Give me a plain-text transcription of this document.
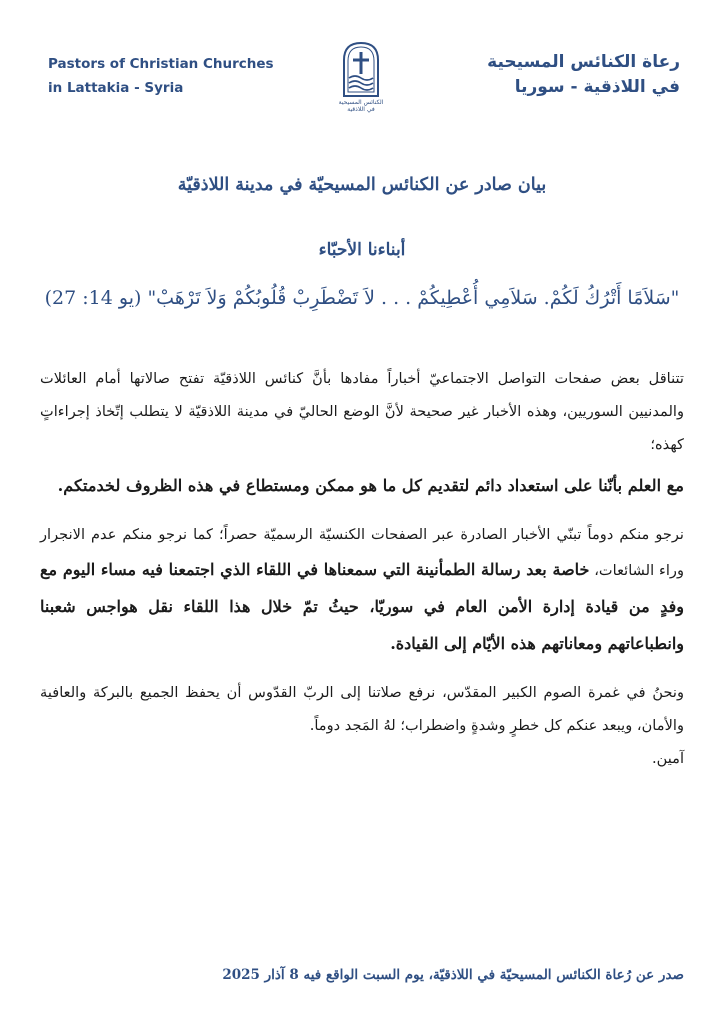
Pastors of Christian Churches
in Lattakia - Syria
الكنائس المسيحية
في اللاذقية
رعاة الكنائس المسيحية
في اللاذقية - سوريا
بيان صادر عن الكنائس المسيحيّة في مدينة اللاذقيّة
أبناءنا الأحبّاء
"سَلاَمًا أَتْرُكُ لَكُمْ. سَلاَمِي أُعْطِيكُمْ . . . لاَ تَضْطَرِبْ قُلُوبُكُمْ وَلاَ تَرْهَبْ" (يو 14: 27)

تتناقل بعض صفحات التواصل الاجتماعيّ أخباراً مفادها بأنَّ كنائس اللاذقيّة تفتح صالاتها أمام العائلات والمدنيين السوريين، وهذه الأخبار غير صحيحة لأنَّ الوضع الحاليّ في مدينة اللاذقيّة لا يتطلب إتّخاذ إجراءاتٍ كهذه؛

مع العلم بأنّنا على استعداد دائم لتقديم كل ما هو ممكن ومستطاع في هذه الظروف لخدمتكم.

نرجو منكم دوماً تبنّي الأخبار الصادرة عبر الصفحات الكنسيّة الرسميّة حصراً؛ كما نرجو منكم عدم الانجرار وراء الشائعات، خاصة بعد رسالة الطمأنينة التي سمعناها في اللقاء الذي اجتمعنا فيه مساء اليوم مع وفدٍ من قيادة إدارة الأمن العام في سوريّا، حيثُ تمّ خلال هذا اللقاء نقل هواجس شعبنا وانطباعاتهم ومعاناتهم هذه الأيّام إلى القيادة.

ونحنُ في غمرة الصوم الكبير المقدّس، نرفع صلاتنا إلى الربّ القدّوس أن يحفظ الجميع بالبركة والعافية والأمان، ويبعد عنكم كل خطرٍ وشدةٍ واضطراب؛ لهُ المَجد دوماً.

آمين.

صدر عن رُعاة الكنائس المسيحيّة في اللاذقيّة، يوم السبت الواقع فيه 8 آذار 2025
